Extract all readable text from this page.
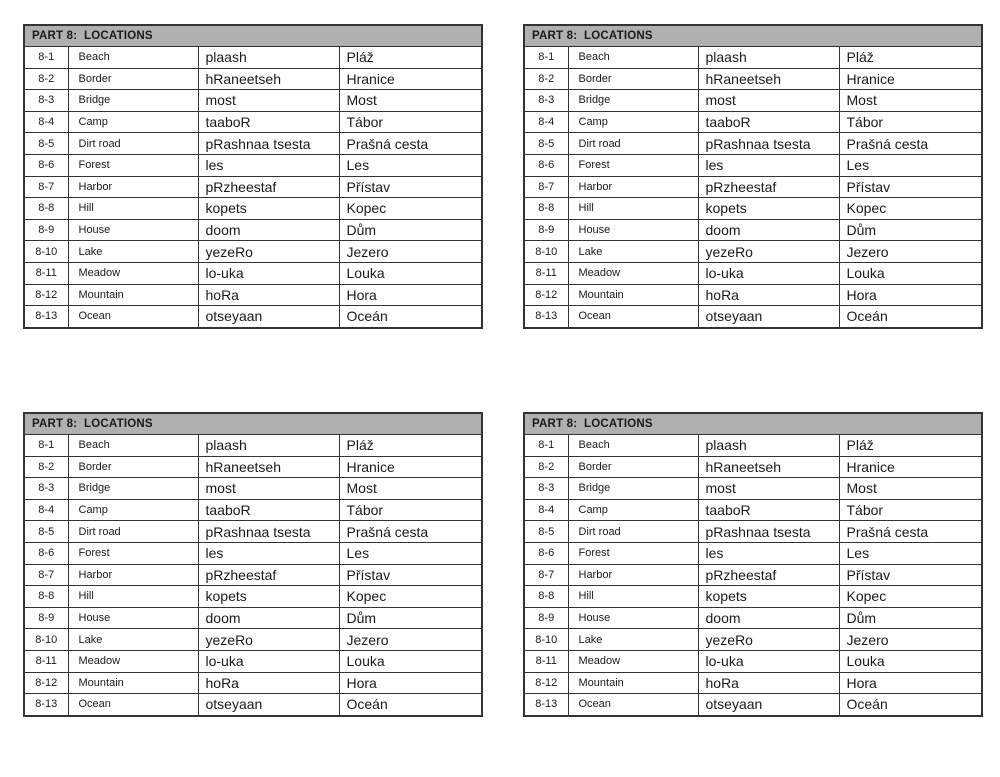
PART 8:  LOCATIONS			
8-1	Beach	plaash	Pláž
8-2	Border	hRaneetseh	Hranice
8-3	Bridge	most	Most
8-4	Camp	taaboR	Tábor
8-5	Dirt road	pRashnaa tsesta	Prašná cesta
8-6	Forest	les	Les
8-7	Harbor	pRzheestaf	Přístav
8-8	Hill	kopets	Kopec
8-9	House	doom	Dům
8-10	Lake	yezeRo	Jezero
8-11	Meadow	lo-uka	Louka
8-12	Mountain	hoRa	Hora
8-13	Ocean	otseyaan	Oceán
PART 8:  LOCATIONS			
8-1	Beach	plaash	Pláž
8-2	Border	hRaneetseh	Hranice
8-3	Bridge	most	Most
8-4	Camp	taaboR	Tábor
8-5	Dirt road	pRashnaa tsesta	Prašná cesta
8-6	Forest	les	Les
8-7	Harbor	pRzheestaf	Přístav
8-8	Hill	kopets	Kopec
8-9	House	doom	Dům
8-10	Lake	yezeRo	Jezero
8-11	Meadow	lo-uka	Louka
8-12	Mountain	hoRa	Hora
8-13	Ocean	otseyaan	Oceán
PART 8:  LOCATIONS			
8-1	Beach	plaash	Pláž
8-2	Border	hRaneetseh	Hranice
8-3	Bridge	most	Most
8-4	Camp	taaboR	Tábor
8-5	Dirt road	pRashnaa tsesta	Prašná cesta
8-6	Forest	les	Les
8-7	Harbor	pRzheestaf	Přístav
8-8	Hill	kopets	Kopec
8-9	House	doom	Dům
8-10	Lake	yezeRo	Jezero
8-11	Meadow	lo-uka	Louka
8-12	Mountain	hoRa	Hora
8-13	Ocean	otseyaan	Oceán
PART 8:  LOCATIONS			
8-1	Beach	plaash	Pláž
8-2	Border	hRaneetseh	Hranice
8-3	Bridge	most	Most
8-4	Camp	taaboR	Tábor
8-5	Dirt road	pRashnaa tsesta	Prašná cesta
8-6	Forest	les	Les
8-7	Harbor	pRzheestaf	Přístav
8-8	Hill	kopets	Kopec
8-9	House	doom	Dům
8-10	Lake	yezeRo	Jezero
8-11	Meadow	lo-uka	Louka
8-12	Mountain	hoRa	Hora
8-13	Ocean	otseyaan	Oceán
